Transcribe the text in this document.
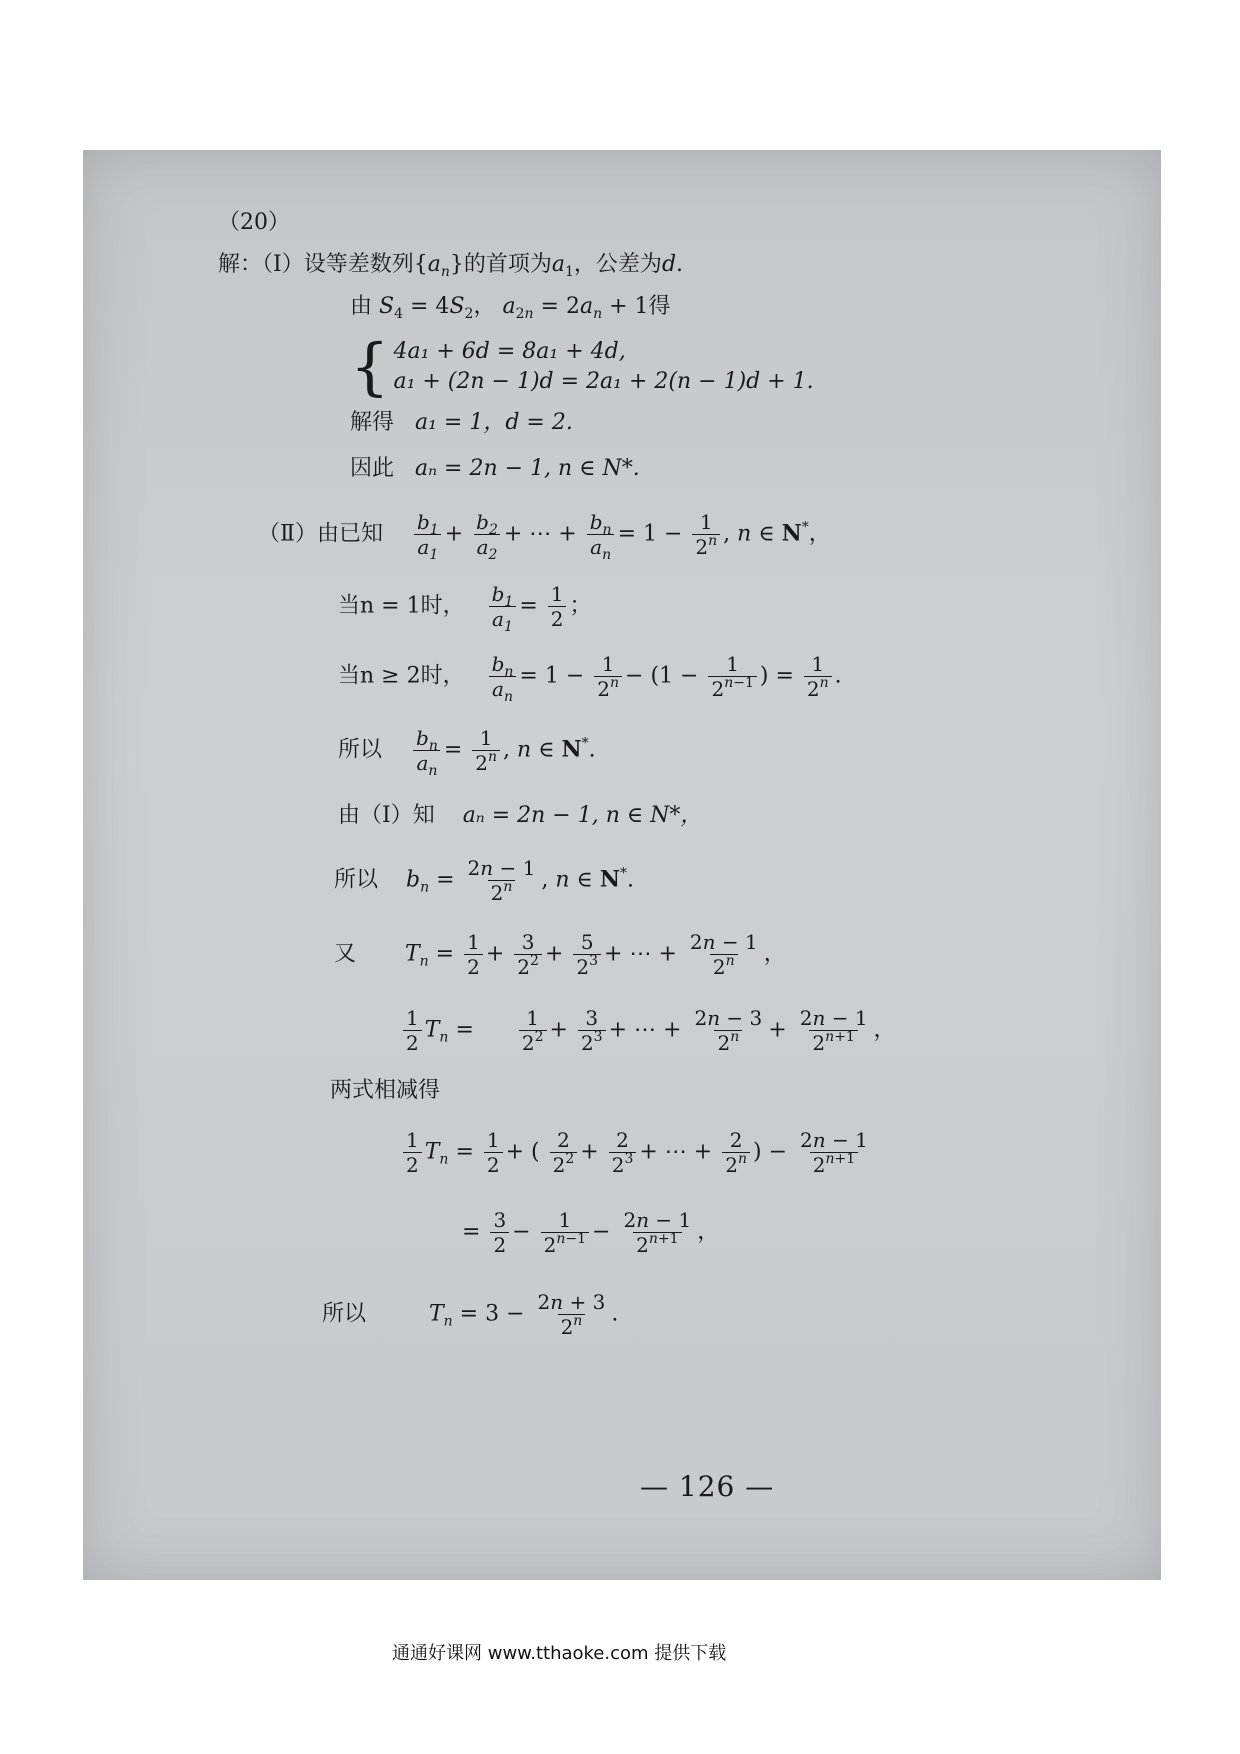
（20）
解：（Ⅰ）设等差数列$\{a_n\}$的首项为$a_1$，公差为d.
由 $S_4 = 4S_2$， $a_{2n} = 2a_n + 1$得
{ 4a₁ + 6d = 8a₁ + 4d,
a₁ + (2n − 1)d = 2a₁ + 2(n − 1)d + 1.
解得 a₁ = 1，d = 2.
因此 aₙ = 2n − 1, n ∈ N*.
（Ⅱ）由已知 $\frac{b_1}{a_1} + \frac{b_2}{a_2}$ + ⋯ + $\frac{b_n}{a_n} = 1 - \frac{1}{2^n}$ , n ∈ N*，
当n = 1时， $\frac{b_1}{a_1} = \frac{1}{2}$ ；
当n ≥ 2时， $\frac{b_n}{a_n} = 1 - \frac{1}{2^n} - (1 - \frac{1}{2^{n-1}}$ ) = $\frac{1}{2^n}$ .
所以 $\frac{b_n}{a_n} = \frac{1}{2^n}$ , n ∈ N*.
由（Ⅰ）知 aₙ = 2n − 1, n ∈ N*，
所以 $b_n = \frac{2n - 1}{2^n}$ , n ∈ N*.
又 $T_n = \frac{1}{2} + \frac{3}{2^2} + \frac{5}{2^3}$ + ⋯ + $\frac{2n - 1}{2^n}$ ，
$\frac{1}{2} T_n = \frac{1}{2^2} + \frac{3}{2^3}$ + ⋯ + $\frac{2n - 3}{2^n} + \frac{2n - 1}{2^{n+1}}$ ，
两式相减得
$\frac{1}{2} T_n = \frac{1}{2}$ + ( $\frac{2}{2^2} + \frac{2}{2^3}$ + ⋯ + $\frac{2}{2^n}$ ) − $\frac{2n - 1}{2^{n+1}}$
= $\frac{3}{2} - \frac{1}{2^{n-1}} - \frac{2n - 1}{2^{n+1}}$ ，
所以	$T_n = 3 - \frac{2n + 3}{2^n}$ .
— 126 —
通通好课网 www.tthaoke.com 提供下载
